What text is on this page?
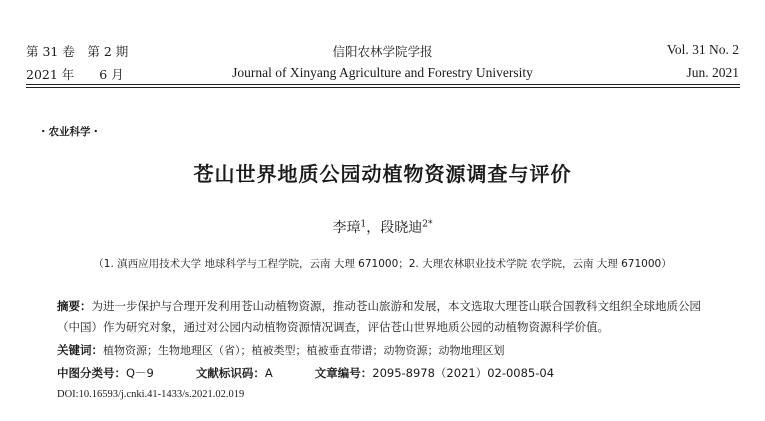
第 31 卷　第 2 期
2021 年　　6 月
信阳农林学院学报
Journal of Xinyang Agriculture and Forestry University
Vol. 31 No. 2
Jun. 2021
・农业科学・
苍山世界地质公园动植物资源调查与评价
李璋$^1$，段晓迪$^{2*}$
（1. 滇西应用技术大学 地球科学与工程学院，云南 大理 671000；2. 大理农林职业技术学院 农学院，云南 大理 671000）
摘要：为进一步保护与合理开发利用苍山动植物资源，推动苍山旅游和发展，本文选取大理苍山联合国教科文组织全球地质公园（中国）作为研究对象，通过对公园内动植物资源情况调查，评估苍山世界地质公园的动植物资源科学价值。
关键词：植物资源；生物地理区（省）；植被类型；植被垂直带谱；动物资源；动物地理区划
中图分类号：Q－9	文献标识码：A	文章编号：2095-8978（2021）02-0085-04
DOI:10.16593/j.cnki.41-1433/s.2021.02.019
